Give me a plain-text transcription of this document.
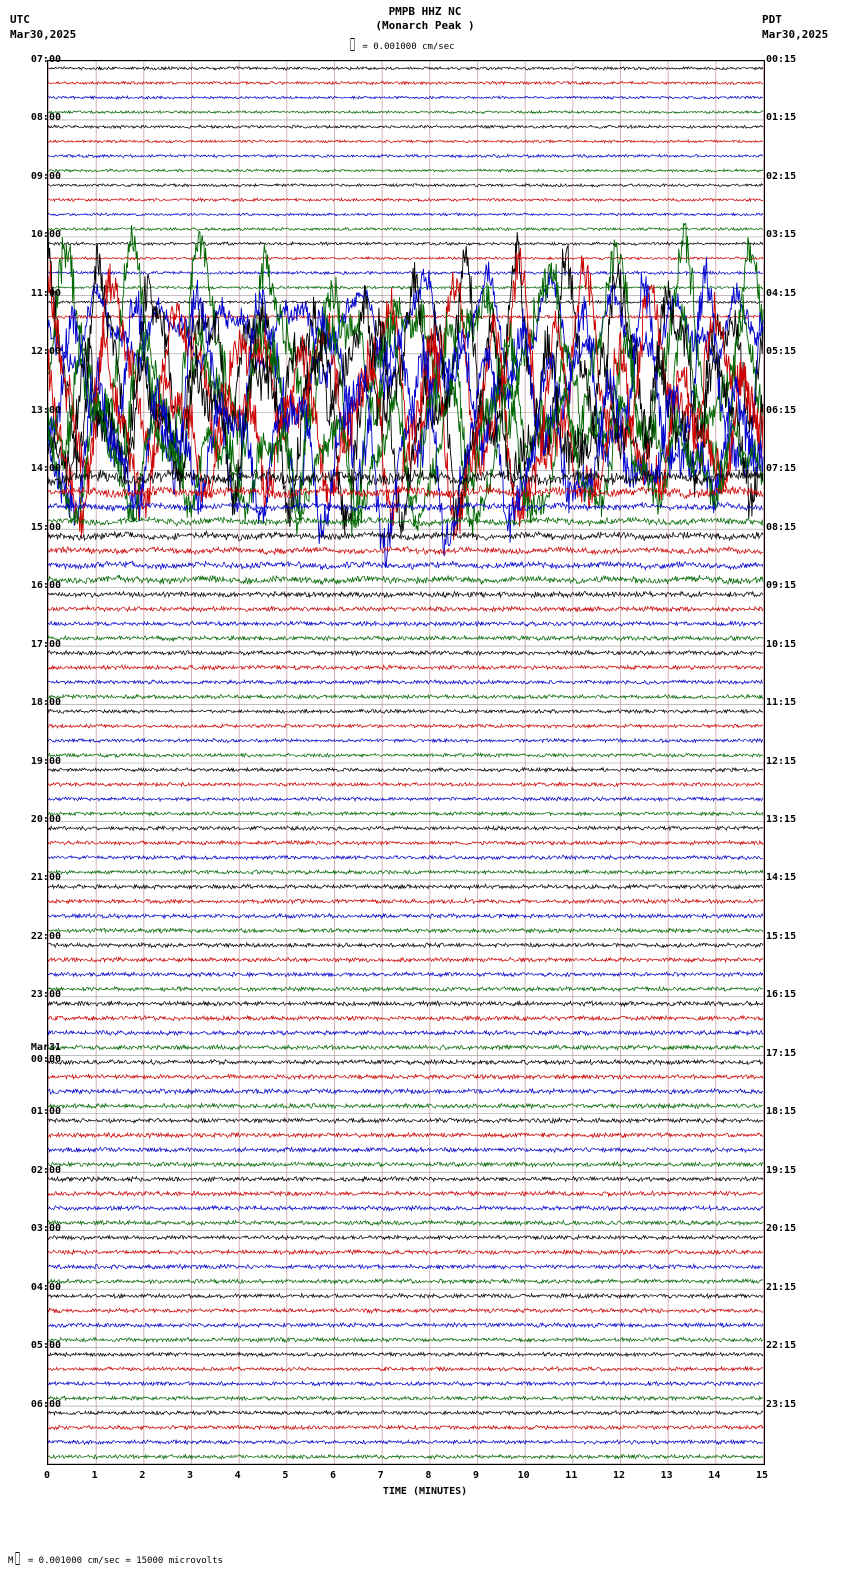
UTC
Mar30,2025
PDT
Mar30,2025
PMPB HHZ NC
(Monarch Peak )
= 0.001000 cm/sec
07:00
08:00
09:00
10:00
11:00
12:00
13:00
14:00
15:00
16:00
17:00
18:00
19:00
20:00
21:00
22:00
23:00
Mar31
00:00
01:00
02:00
03:00
04:00
05:00
06:00
00:15
01:15
02:15
03:15
04:15
05:15
06:15
07:15
08:15
09:15
10:15
11:15
12:15
13:15
14:15
15:15
16:15
17:15
18:15
19:15
20:15
21:15
22:15
23:15
0	1	2	3	4	5	6	7	8	9	10	11	12	13	14	15
TIME (MINUTES)
M = 0.001000 cm/sec = 15000 microvolts
